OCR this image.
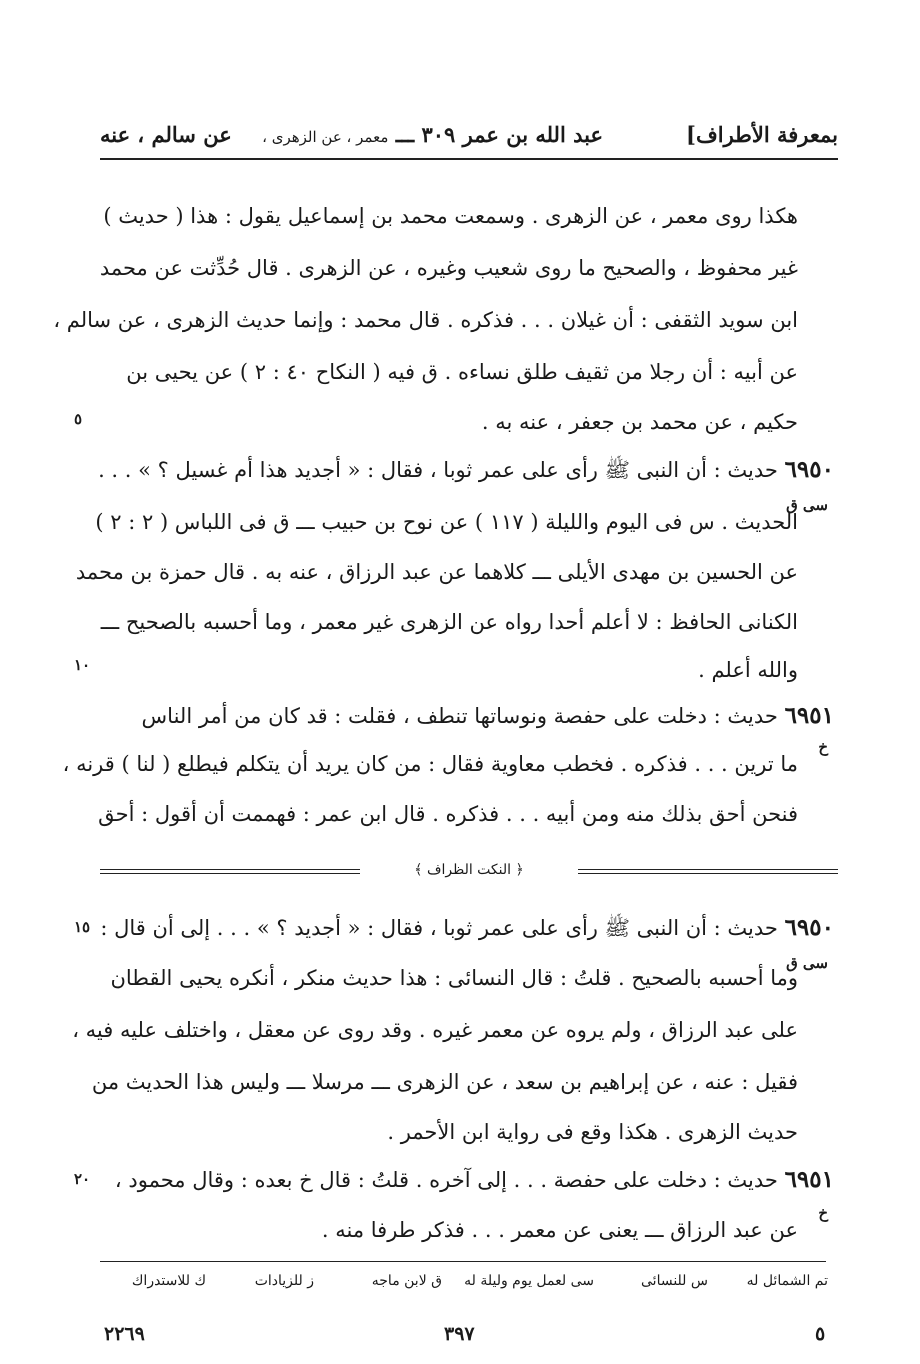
بمعرفة الأطراف]
عبد الله بن عمر ٣٠٩ ـــ معمر ، عن الزهرى ،
عن سالم ، عنه
هكذا روى معمر ، عن الزهرى . وسمعت محمد بن إسماعيل يقول : هذا ( حديث )
غير محفوظ ، والصحيح ما روى شعيب وغيره ، عن الزهرى . قال حُدِّثت عن محمد
ابن سويد الثقفى : أن غيلان . . . فذكره . قال محمد : وإنما حديث الزهرى ، عن سالم ،
عن أبيه : أن رجلا من ثقيف طلق نساءه . ق فيه ( النكاح ٤٠ : ٢ ) عن يحيى بن
حكيم ، عن محمد بن جعفر ، عنه به .
٥
٦٩٥٠ حديث : أن النبى ﷺ رأى على عمر ثوبا ، فقال : « أجديد هذا أم غسيل ؟ » . . .
سى ق
الحديث . س فى اليوم والليلة ( ١١٧ ) عن نوح بن حبيب ـــ ق فى اللباس ( ٢ : ٢ )
عن الحسين بن مهدى الأيلى ـــ كلاهما عن عبد الرزاق ، عنه به . قال حمزة بن محمد
الكنانى الحافظ : لا أعلم أحدا رواه عن الزهرى غير معمر ، وما أحسبه بالصحيح ـــ
والله أعلم .
١٠
٦٩٥١ حديث : دخلت على حفصة ونوساتها تنطف ، فقلت : قد كان من أمر الناس
خ
ما ترين . . . فذكره . فخطب معاوية فقال : من كان يريد أن يتكلم فيطلع ( لنا ) قرنه ،
فنحن أحق بذلك منه ومن أبيه . . . فذكره . قال ابن عمر : فهممت أن أقول : أحق
﴿ النكت الظراف ﴾
٦٩٥٠ حديث : أن النبى ﷺ رأى على عمر ثوبا ، فقال : « أجديد ؟ » . . . إلى أن قال :
١٥
سى ق
وما أحسبه بالصحيح . قلتُ : قال النسائى : هذا حديث منكر ، أنكره يحيى القطان
على عبد الرزاق ، ولم يروه عن معمر غيره . وقد روى عن معقل ، واختلف عليه فيه ،
فقيل : عنه ، عن إبراهيم بن سعد ، عن الزهرى ـــ مرسلا ـــ وليس هذا الحديث من
حديث الزهرى . هكذا وقع فى رواية ابن الأحمر .
٦٩٥١ حديث : دخلت على حفصة . . . إلى آخره . قلتُ : قال خ بعده : وقال محمود ،
٢٠
خ
عن عبد الرزاق ـــ يعنى عن معمر . . . فذكر طرفا منه .
تم الشمائل له
س للنسائى
سى لعمل يوم وليلة له
ق لابن ماجه
ز للزيادات
ك للاستدراك
٢٢٦٩	٣٩٧	٥
